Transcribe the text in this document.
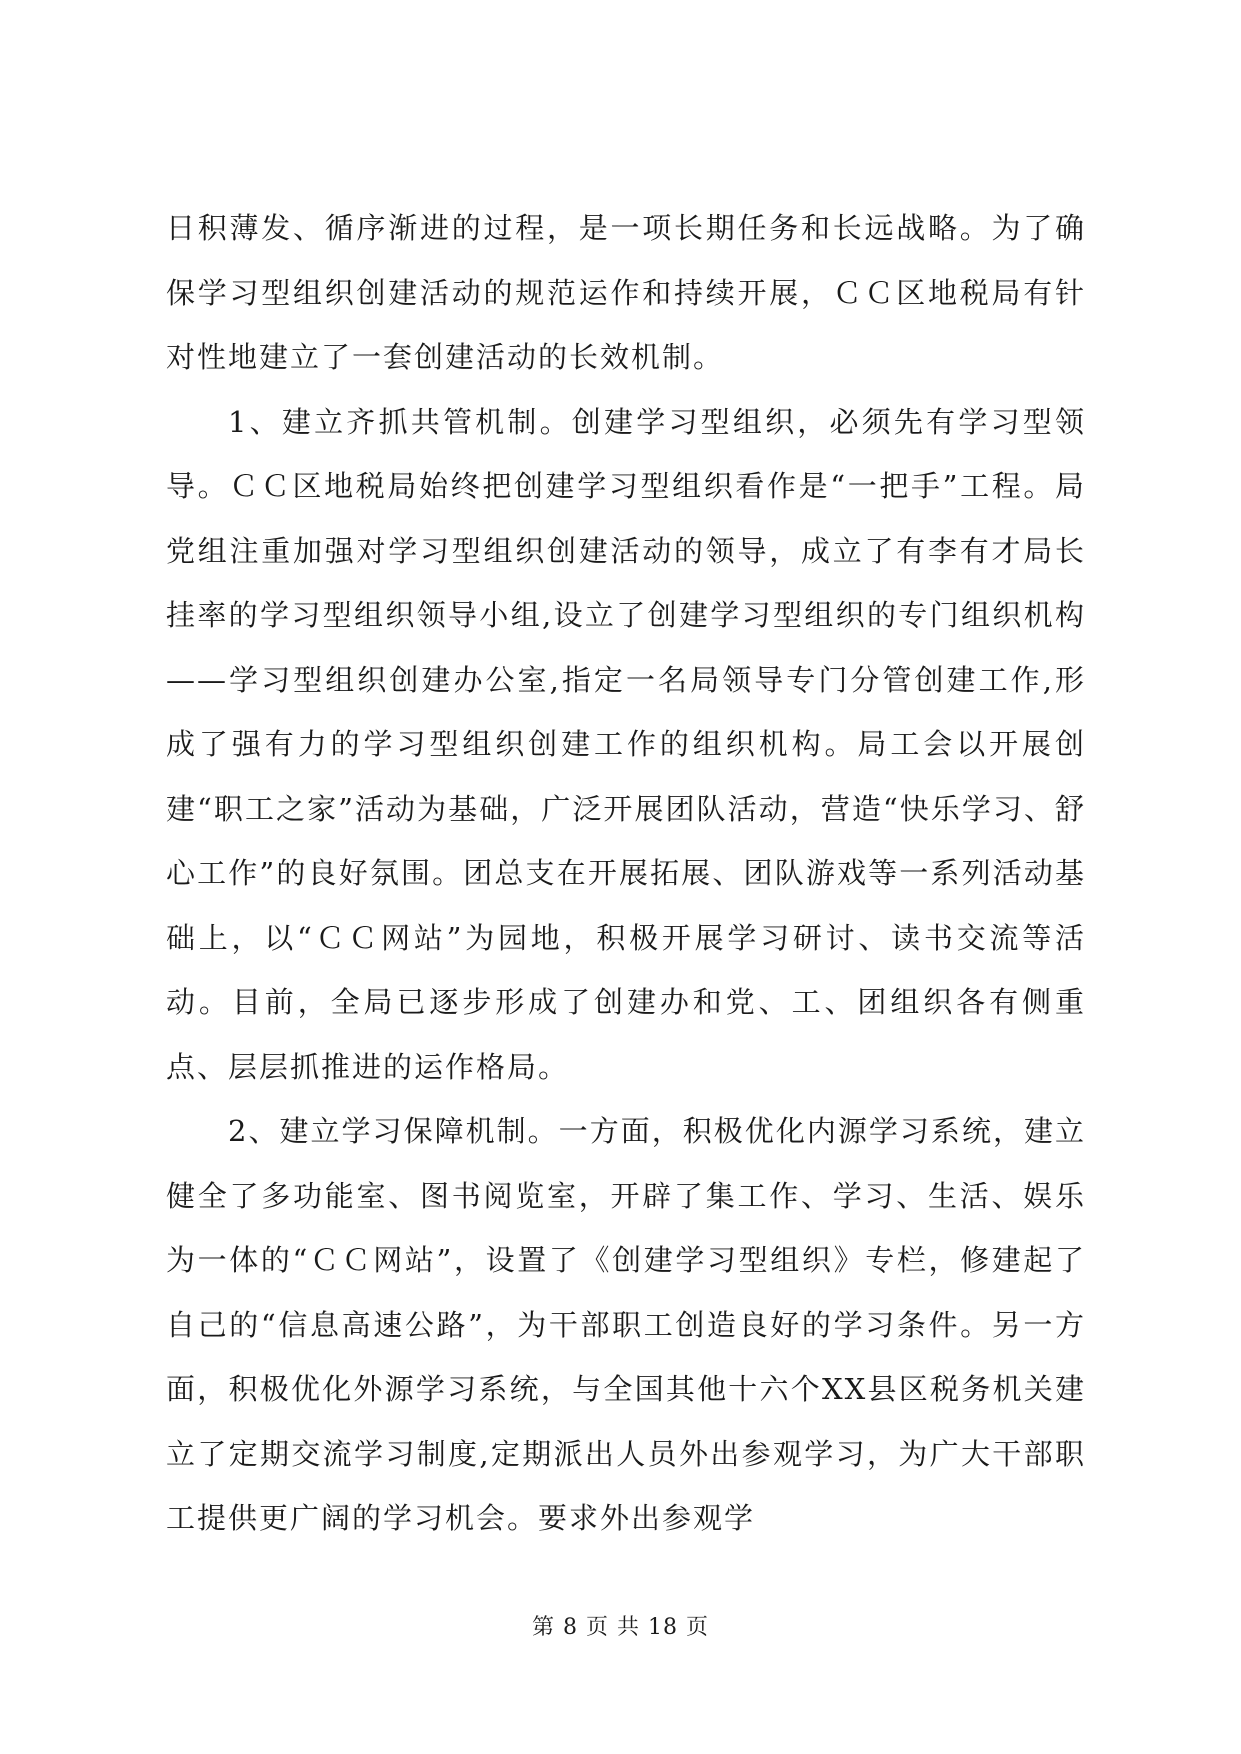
日积薄发、循序渐进的过程，是一项长期任务和长远战略。为了确保学习型组织创建活动的规范运作和持续开展，ＣＣ区地税局有针对性地建立了一套创建活动的长效机制。

1、建立齐抓共管机制。创建学习型组织，必须先有学习型领导。ＣＣ区地税局始终把创建学习型组织看作是“一把手”工程。局党组注重加强对学习型组织创建活动的领导，成立了有李有才局长挂率的学习型组织领导小组,设立了创建学习型组织的专门组织机构——学习型组织创建办公室,指定一名局领导专门分管创建工作,形成了强有力的学习型组织创建工作的组织机构。局工会以开展创建“职工之家”活动为基础，广泛开展团队活动，营造“快乐学习、舒心工作”的良好氛围。团总支在开展拓展、团队游戏等一系列活动基础上，以“ＣＣ网站”为园地，积极开展学习研讨、读书交流等活动。目前，全局已逐步形成了创建办和党、工、团组织各有侧重点、层层抓推进的运作格局。

2、建立学习保障机制。一方面，积极优化内源学习系统，建立健全了多功能室、图书阅览室，开辟了集工作、学习、生活、娱乐为一体的“ＣＣ网站”，设置了《创建学习型组织》专栏，修建起了自己的“信息高速公路”，为干部职工创造良好的学习条件。另一方面，积极优化外源学习系统，与全国其他十六个XX县区税务机关建立了定期交流学习制度,定期派出人员外出参观学习，为广大干部职工提供更广阔的学习机会。要求外出参观学

第 8 页 共 18 页
